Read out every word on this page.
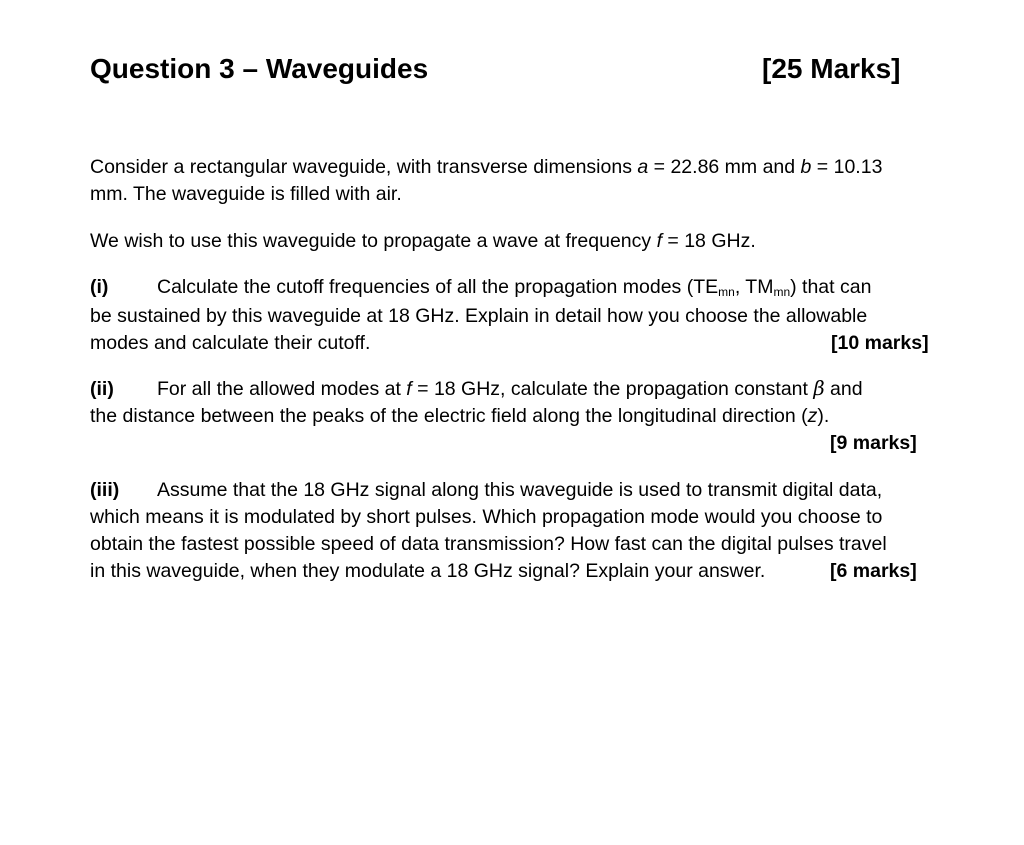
Question 3 – Waveguides	[25 Marks]
Consider a rectangular waveguide, with transverse dimensions a = 22.86 mm and b = 10.13
mm. The waveguide is filled with air.
We wish to use this waveguide to propagate a wave at frequency f = 18 GHz.
(i) Calculate the cutoff frequencies of all the propagation modes (TEmn, TMmn) that can
be sustained by this waveguide at 18 GHz. Explain in detail how you choose the allowable
modes and calculate their cutoff.	[10 marks]
(ii) For all the allowed modes at f = 18 GHz, calculate the propagation constant β and
the distance between the peaks of the electric field along the longitudinal direction (z).

[9 marks]
(iii) Assume that the 18 GHz signal along this waveguide is used to transmit digital data,
which means it is modulated by short pulses. Which propagation mode would you choose to
obtain the fastest possible speed of data transmission? How fast can the digital pulses travel
in this waveguide, when they modulate a 18 GHz signal? Explain your answer.	[6 marks]
